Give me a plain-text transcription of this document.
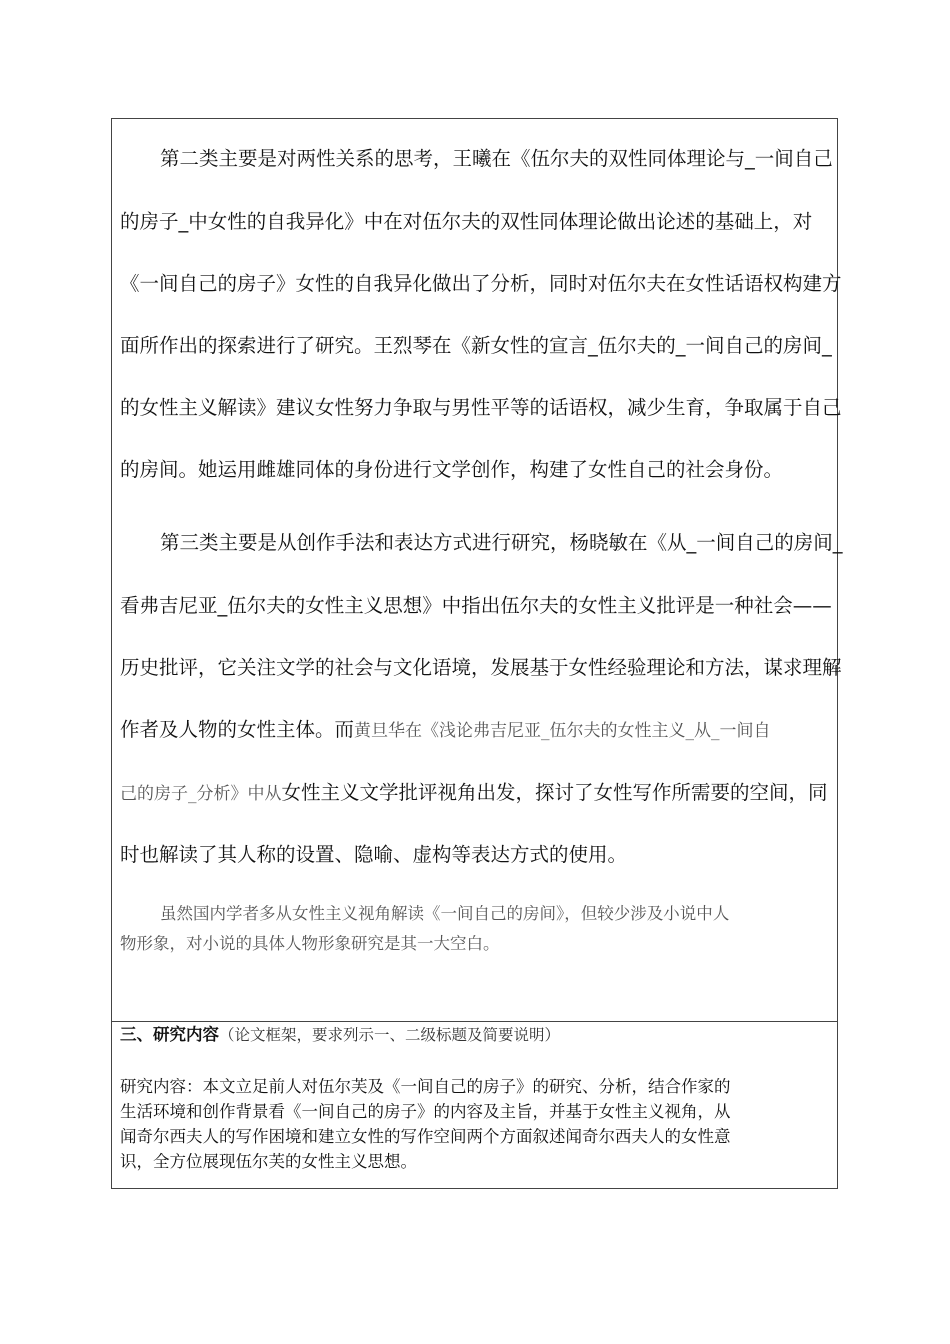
第二类主要是对两性关系的思考，王曦在《伍尔夫的双性同体理论与_一间自己
的房子_中女性的自我异化》中在对伍尔夫的双性同体理论做出论述的基础上，对
《一间自己的房子》女性的自我异化做出了分析，同时对伍尔夫在女性话语权构建方
面所作出的探索进行了研究。王烈琴在《新女性的宣言_伍尔夫的_一间自己的房间_
的女性主义解读》建议女性努力争取与男性平等的话语权，减少生育，争取属于自己
的房间。她运用雌雄同体的身份进行文学创作，构建了女性自己的社会身份。
第三类主要是从创作手法和表达方式进行研究，杨晓敏在《从_一间自己的房间_
看弗吉尼亚_伍尔夫的女性主义思想》中指出伍尔夫的女性主义批评是一种社会——
历史批评，它关注文学的社会与文化语境，发展基于女性经验理论和方法，谋求理解
作者及人物的女性主体。而黄旦华在《浅论弗吉尼亚_伍尔夫的女性主义_从_一间自
己的房子_分析》中从女性主义文学批评视角出发，探讨了女性写作所需要的空间，同
时也解读了其人称的设置、隐喻、虚构等表达方式的使用。
虽然国内学者多从女性主义视角解读《一间自己的房间》，但较少涉及小说中人
物形象，对小说的具体人物形象研究是其一大空白。
三、研究内容（论文框架，要求列示一、二级标题及简要说明）
研究内容：本文立足前人对伍尔芙及《一间自己的房子》的研究、分析，结合作家的
生活环境和创作背景看《一间自己的房子》的内容及主旨，并基于女性主义视角，从
闻奇尔西夫人的写作困境和建立女性的写作空间两个方面叙述闻奇尔西夫人的女性意
识，全方位展现伍尔芙的女性主义思想。
